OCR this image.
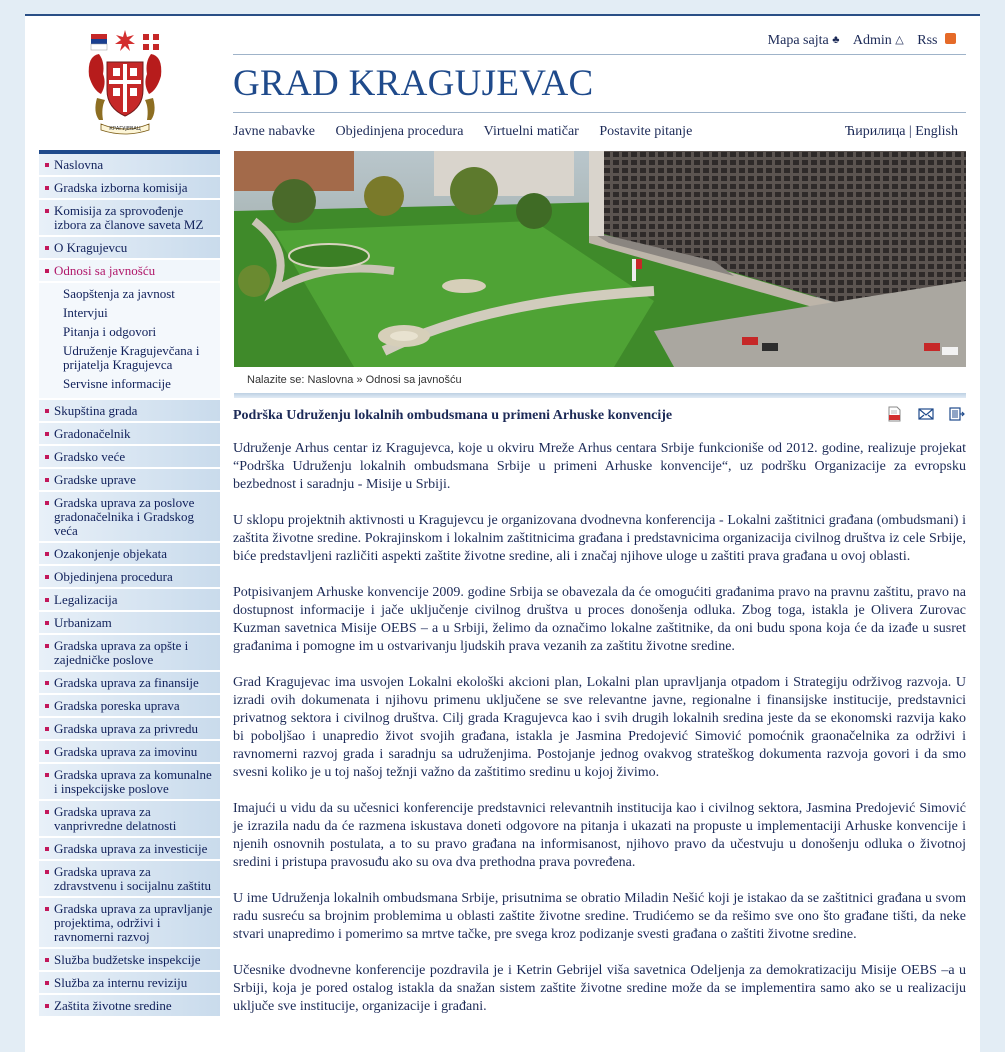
КРАГУЈЕВАЦ
Mapa sajta ♣ Admin △ Rss
GRAD KRAGUJEVAC
Javne nabavke Objedinjena procedura Virtuelni matičar Postavite pitanje	Ћирилица | English
Naslovna
Gradska izborna komisija
Komisija za sprovođenje izbora za članove saveta MZ
O Kragujevcu
Odnosi sa javnošću
Saopštenja za javnost
Intervjui
Pitanja i odgovori
Udruženje Kragujevčana i prijatelja Kragujevca
Servisne informacije
Skupština grada
Gradonačelnik
Gradsko veće
Gradske uprave
Gradska uprava za poslove gradonačelnika i Gradskog veća
Ozakonjenje objekata
Objedinjena procedura
Legalizacija
Urbanizam
Gradska uprava za opšte i zajedničke poslove
Gradska uprava za finansije
Gradska poreska uprava
Gradska uprava za privredu
Gradska uprava za imovinu
Gradska uprava za komunalne i inspekcijske poslove
Gradska uprava za vanprivredne delatnosti
Gradska uprava za investicije
Gradska uprava za zdravstvenu i socijalnu zaštitu
Gradska uprava za upravljanje projektima, održivi i ravnomerni razvoj
Služba budžetske inspekcije
Služba za internu reviziju
Zaštita životne sredine
Nalazite se: Naslovna » Odnosi sa javnošću
Podrška Udruženju lokalnih ombudsmana u primeni Arhuske konvencije

Udruženje Arhus centar iz Kragujevca, koje u okviru Mreže Arhus centara Srbije funkcioniše od 2012. godine, realizuje projekat “Podrška Udruženju lokalnih ombudsmana Srbije u primeni Arhuske konvencije“, uz podršku Organizacije za evropsku bezbednost i saradnju - Misije u Srbiji.

U sklopu projektnih aktivnosti u Kragujevcu je organizovana dvodnevna konferencija - Lokalni zaštitnici građana (ombudsmani) i zaštita životne sredine. Pokrajinskom i lokalnim zaštitnicima građana i predstavnicima organizacija civilnog društva iz cele Srbije, biće predstavljeni različiti aspekti zaštite životne sredine, ali i značaj njihove uloge u zaštiti prava građana u ovoj oblasti.

Potpisivanjem Arhuske konvencije 2009. godine Srbija se obavezala da će omogućiti građanima pravo na pravnu zaštitu, pravo na dostupnost informacije i jače uključenje civilnog društva u proces donošenja odluka. Zbog toga, istakla je Olivera Zurovac Kuzman savetnica Misije OEBS – a u Srbiji, želimo da označimo lokalne zaštitnike, da oni budu spona koja će da izađe u susret građanima i pomogne im u ostvarivanju ljudskih prava vezanih za zaštitu životne sredine.

Grad Kragujevac ima usvojen Lokalni ekološki akcioni plan, Lokalni plan upravljanja otpadom i Strategiju održivog razvoja. U izradi ovih dokumenata i njihovu primenu uključene se sve relevantne javne, regionalne i finansijske institucije, predstavnici privatnog sektora i civilnog društva. Cilj grada Kragujevca kao i svih drugih lokalnih sredina jeste da se ekonomski razvija kako bi poboljšao i unapredio život svojih građana, istakla je Jasmina Predojević Simović pomoćnik graonačelnika za održivi i ravnomerni razvoj grada i saradnju sa udruženjima. Postojanje jednog ovakvog strateškog dokumenta razvoja govori i da smo svesni koliko je u toj našoj težnji važno da zaštitimo sredinu u kojoj živimo.

Imajući u vidu da su učesnici konferencije predstavnici relevantnih institucija kao i civilnog sektora, Jasmina Predojević Simović je izrazila nadu da će razmena iskustava doneti odgovore na pitanja i ukazati na propuste u implementaciji Arhuske konvencije i njenih osnovnih postulata, a to su pravo građana na informisanost, njihovo pravo da učestvuju u donošenju odluka o životnoj sredini i pristupa pravosuđu ako su ova dva prethodna prava povređena.

U ime Udruženja lokalnih ombudsmana Srbije, prisutnima se obratio Miladin Nešić koji je istakao da se zaštitnici građana u svom radu susreću sa brojnim problemima u oblasti zaštite životne sredine. Trudićemo se da rešimo sve ono što građane tišti, da neke stvari unapredimo i pomerimo sa mrtve tačke, pre svega kroz podizanje svesti građana o zaštiti životne sredine.

Učesnike dvodnevne konferencije pozdravila je i Ketrin Gebrijel viša savetnica Odeljenja za demokratizaciju Misije OEBS –a u Srbiji, koja je pored ostalog istakla da snažan sistem zaštite životne sredine može da se implementira samo ako se u realizaciju uključe sve institucije, organizacije i građani.
